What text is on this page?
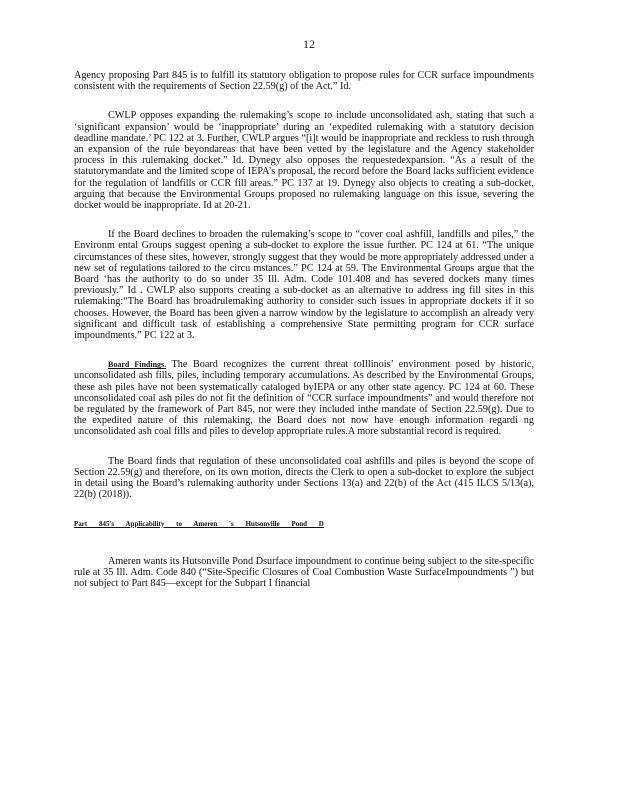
12

Agency proposing Part 845 is to fulfill its statutory obligation to propose rules for CCR surface impoundments consistent with the requirements of Section 22.59(g) of the Act.” Id.

CWLP opposes expanding the rulemaking’s scope to include unconsolidated ash, stating that such a ‘significant expansion’ would be ‘inappropriate’ during an ‘expedited rulemaking with a statutory decision deadline mandate.’ PC 122 at 3. Further, CWLP argues “[i]t would be inappropriate and reckless to rush through an expansion of the rule beyondareas that have been vetted by the legislature and the Agency stakeholder process in this rulemaking docket.” Id. Dynegy also opposes the requestedexpansion. “As a result of the statutorymandate and the limited scope of IEPA’s proposal, the record before the Board lacks sufficient evidence for the regulation of landfills or CCR fill areas.” PC 137 at 19. Dynegy also objects to creating a sub-docket, arguing that because the Environmental Groups proposed no rulemaking language on this issue, severing the docket would be inappropriate. Id at 20-21.

If the Board declines to broaden the rulemaking’s scope to “cover coal ashfill, landfills and piles,” the Environm ental Groups suggest opening a sub-docket to explore the issue further. PC 124 at 61. “The unique circumstances of these sites, however, strongly suggest that they would be more appropriately addressed under a new set of regulations tailored to the circu mstances.” PC 124 at 59. The Environmental Groups argue that the Board ‘has the authority to do so under 35 Ill. Adm. Code 101.408 and has severed dockets many times previously.” Id . CWLP also supports creating a sub-docket as an alternative to address ing fill sites in this rulemaking:“The Board has broadrulemaking authority to consider such issues in appropriate dockets if it so chooses. However, the Board has been given a narrow window by the legislature to accomplish an already very significant and difficult task of establishing a comprehensive State permitting program for CCR surface impoundments.” PC 122 at 3.

Board Findings. The Board recognizes the current threat toIllinois’ environment posed by historic, unconsolidated ash fills, piles, including temporary accumulations. As described by the Environmental Groups, these ash piles have not been systematically cataloged byIEPA or any other state agency. PC 124 at 60. These unconsolidated coal ash piles do not fit the definition of “CCR surface impoundments” and would therefore not be regulated by the framework of Part 845, nor were they included inthe mandate of Section 22.59(g). Due to the expedited nature of this rulemaking, the Board does not now have enough information regardi ng unconsolidated ash coal fills and piles to develop appropriate rules.A more substantial record is required.

The Board finds that regulation of these unconsolidated coal ashfills and piles is beyond the scope of Section 22.59(g) and therefore, on its own motion, directs the Clerk to open a sub-docket to explore the subject in detail using the Board’s rulemaking authority under Sections 13(a) and 22(b) of the Act (415 ILCS 5/13(a), 22(b) (2018)).

Part 845's Applicability to Ameren 's Hutsonville Pond D

Ameren wants its Hutsonville Pond Dsurface impoundment to continue being subject to the site-specific rule at 35 Ill. Adm. Code 840 (“Site-Specific Closures of Coal Combustion Waste SurfaceImpoundments ”) but not subject to Part 845—except for the Subpart I financial
